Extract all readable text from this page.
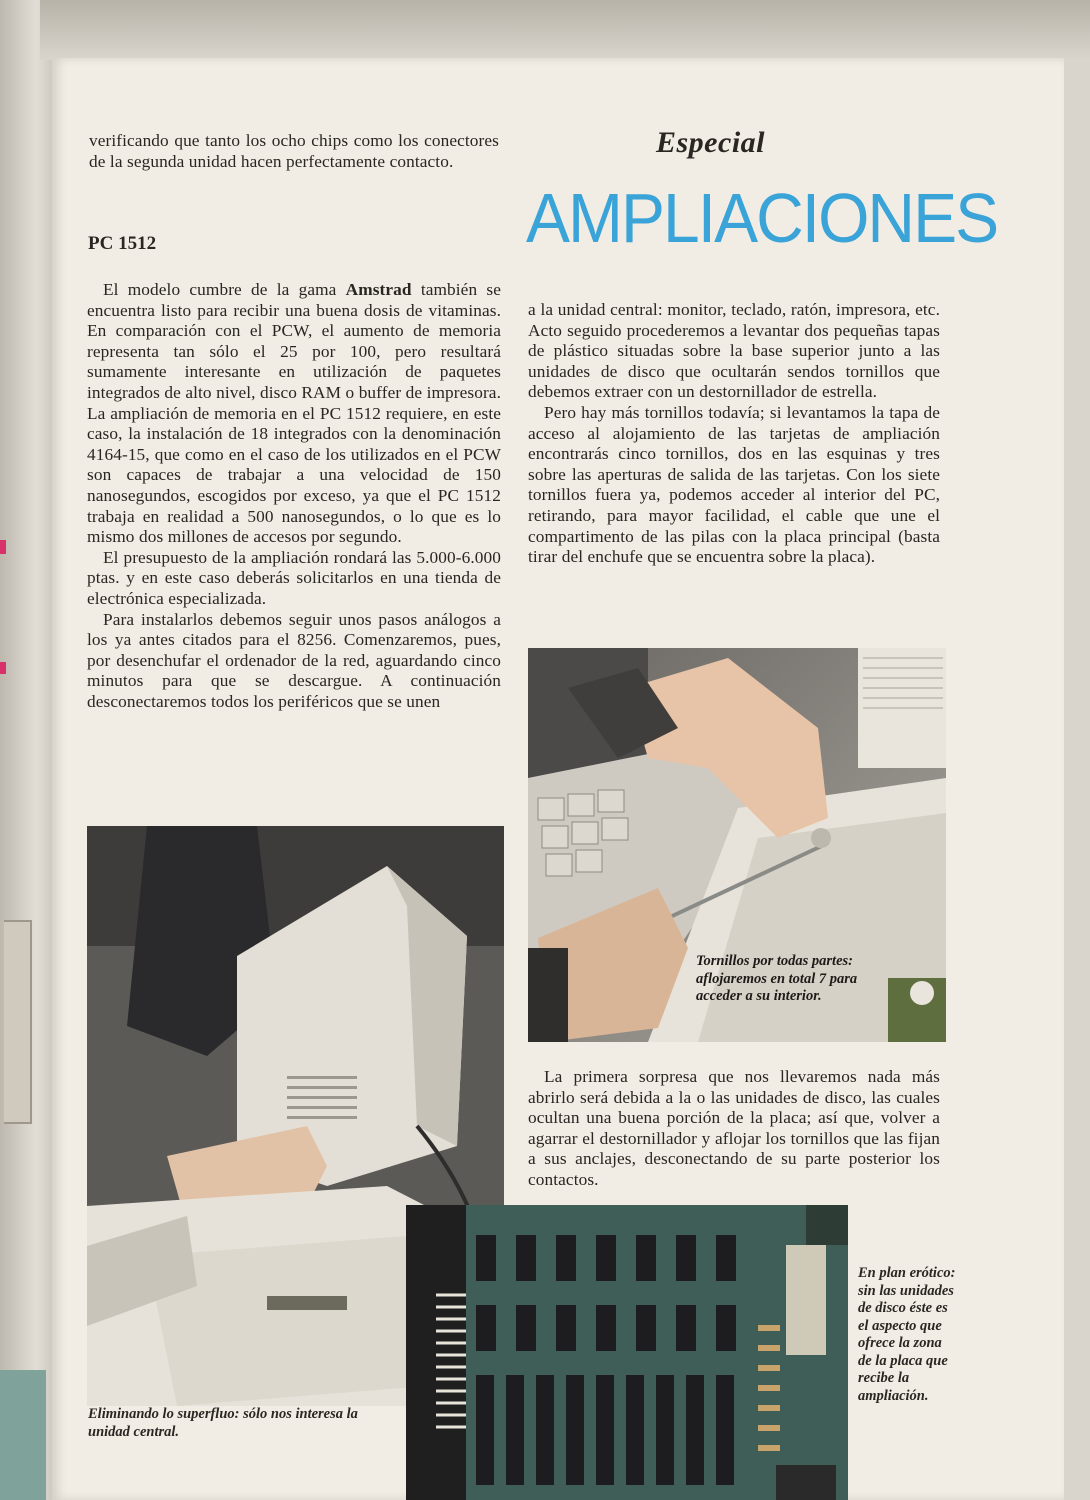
Especial
AMPLIACIONES

verificando que tanto los ocho chips como los conectores de la segunda unidad hacen perfectamente contacto.

PC 1512

El modelo cumbre de la gama Amstrad también se encuentra listo para recibir una buena dosis de vitaminas. En comparación con el PCW, el aumento de memoria representa tan sólo el 25 por 100, pero resultará sumamente interesante en utilización de paquetes integrados de alto nivel, disco RAM o buffer de impresora. La ampliación de memoria en el PC 1512 requiere, en este caso, la instalación de 18 integrados con la denominación 4164-15, que como en el caso de los utilizados en el PCW son capaces de trabajar a una velocidad de 150 nanosegundos, escogidos por exceso, ya que el PC 1512 trabaja en realidad a 500 nanosegundos, o lo que es lo mismo dos millones de accesos por segundo.

El presupuesto de la ampliación rondará las 5.000-6.000 ptas. y en este caso deberás solicitarlos en una tienda de electrónica especializada.

Para instalarlos debemos seguir unos pasos análogos a los ya antes citados para el 8256. Comenzaremos, pues, por desenchufar el ordenador de la red, aguardando cinco minutos para que se descargue. A continuación desconectaremos todos los periféricos que se unen

a la unidad central: monitor, teclado, ratón, impresora, etc. Acto seguido procederemos a levantar dos pequeñas tapas de plástico situadas sobre la base superior junto a las unidades de disco que ocultarán sendos tornillos que debemos extraer con un destornillador de estrella.

Pero hay más tornillos todavía; si levantamos la tapa de acceso al alojamiento de las tarjetas de ampliación encontrarás cinco tornillos, dos en las esquinas y tres sobre las aperturas de salida de las tarjetas. Con los siete tornillos fuera ya, podemos acceder al interior del PC, retirando, para mayor facilidad, el cable que une el compartimento de las pilas con la placa principal (basta tirar del enchufe que se encuentra sobre la placa).

Tornillos por todas partes: aflojaremos en total 7 para acceder a su interior.

La primera sorpresa que nos llevaremos nada más abrirlo será debida a la o las unidades de disco, las cuales ocultan una buena porción de la placa; así que, volver a agarrar el destornillador y aflojar los tornillos que las fijan a sus anclajes, desconectando de su parte posterior los contactos.

Eliminando lo superfluo: sólo nos interesa la unidad central.
En plan erótico: sin las unidades de disco éste es el aspecto que ofrece la zona de la placa que recibe la ampliación.
